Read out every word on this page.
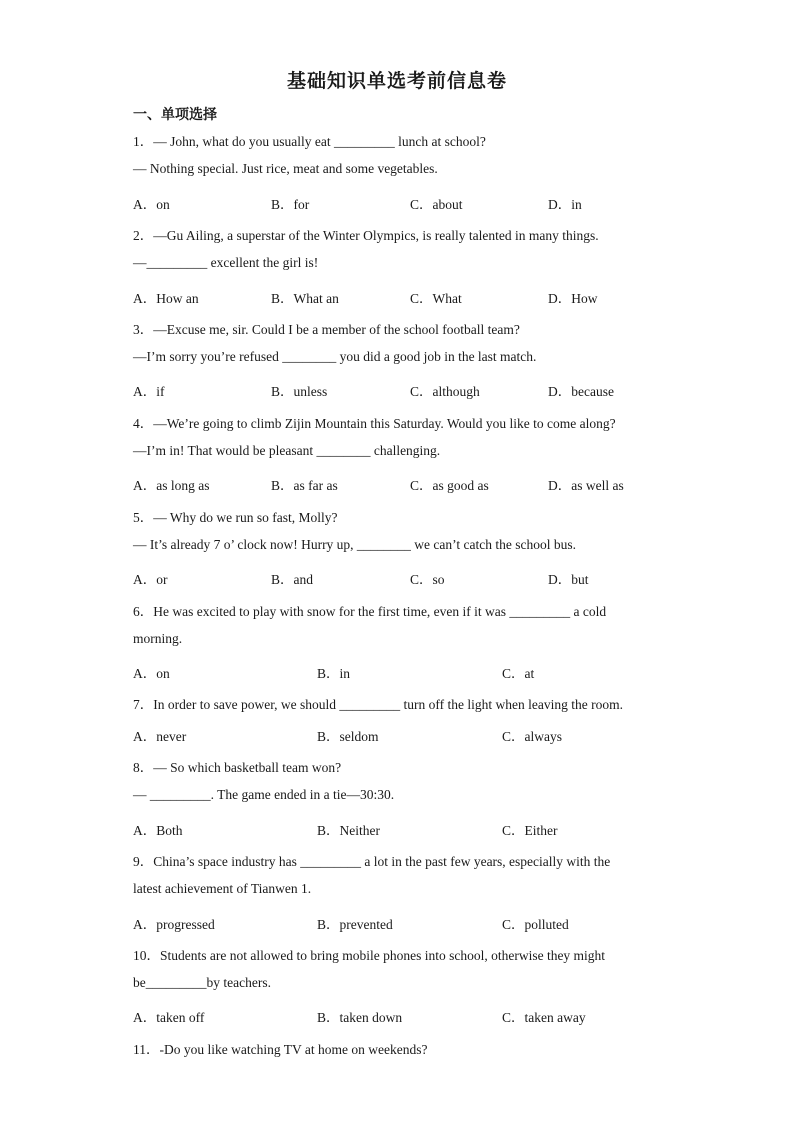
基础知识单选考前信息卷
一、单项选择
1．— John, what do you usually eat _________ lunch at school?
— Nothing special. Just rice, meat and some vegetables.
A．on	B．for	C．about	D．in
2．—Gu Ailing, a superstar of the Winter Olympics, is really talented in many things.
—_________ excellent the girl is!
A．How an	B．What an	C．What	D．How
3．—Excuse me, sir. Could I be a member of the school football team?
—I’m sorry you’re refused ________ you did a good job in the last match.
A．if	B．unless	C．although	D．because
4．—We’re going to climb Zijin Mountain this Saturday. Would you like to come along?
—I’m in! That would be pleasant ________ challenging.
A．as long as	B．as far as	C．as good as	D．as well as
5．— Why do we run so fast, Molly?
— It’s already 7 o’ clock now! Hurry up, ________ we can’t catch the school bus.
A．or	B．and	C．so	D．but
6．He was excited to play with snow for the first time, even if it was _________ a cold
morning.
A．on	B．in	C．at
7．In order to save power, we should _________ turn off the light when leaving the room.
A．never	B．seldom	C．always
8．— So which basketball team won?
— _________. The game ended in a tie—30:30.
A．Both	B．Neither	C．Either
9．China’s space industry has _________ a lot in the past few years, especially with the
latest achievement of Tianwen 1.
A．progressed	B．prevented	C．polluted
10．Students are not allowed to bring mobile phones into school, otherwise they might
be_________by teachers.
A．taken off	B．taken down	C．taken away
11．-Do you like watching TV at home on weekends?
